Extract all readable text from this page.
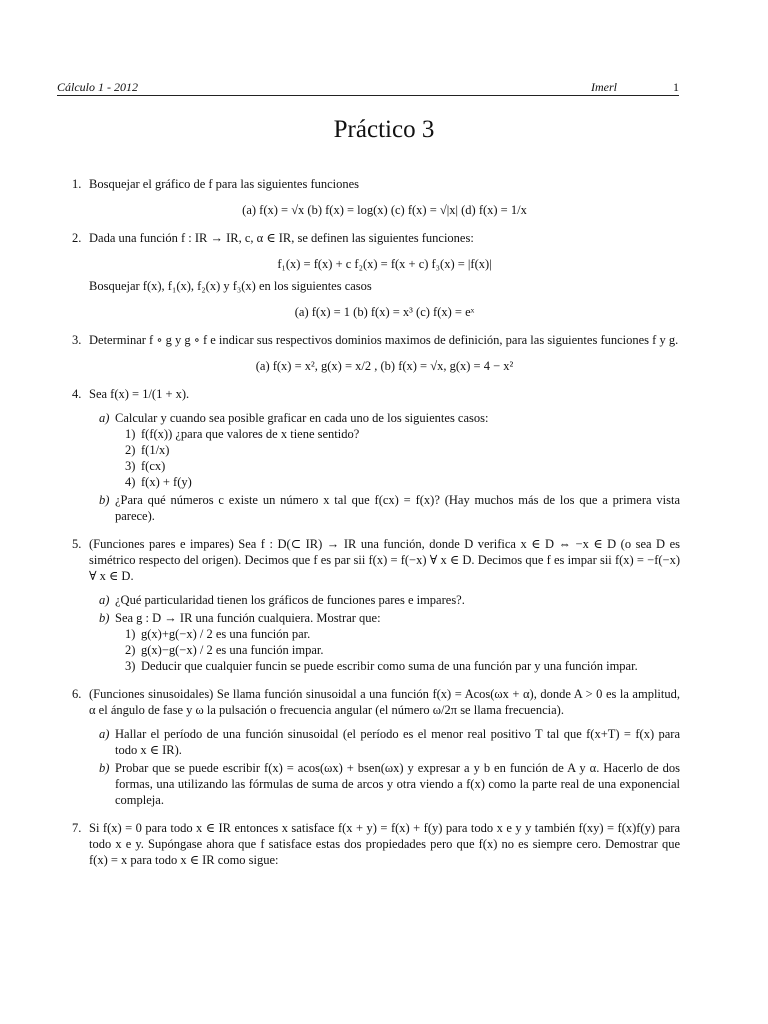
Cálculo 1 - 2012	Imerl	1
Práctico 3
1. Bosquejar el gráfico de f para las siguientes funciones

(a) f(x) = √x (b) f(x) = log(x) (c) f(x) = √|x| (d) f(x) = 1/x
2. Dada una función f : IR → IR, c, α ∈ IR, se definen las siguientes funciones:

f₁(x) = f(x) + c f₂(x) = f(x + c) f₃(x) = |f(x)|

Bosquejar f(x), f₁(x), f₂(x) y f₃(x) en los siguientes casos

(a) f(x) = 1 (b) f(x) = x³ (c) f(x) = eˣ
3. Determinar f ∘ g y g ∘ f e indicar sus respectivos dominios maximos de definición, para las siguientes funciones f y g.

(a) f(x) = x², g(x) = x/2 , (b) f(x) = √x, g(x) = 4 − x²
4. Sea f(x) = 1/(1 + x).

a) Calcular y cuando sea posible graficar en cada uno de los siguientes casos:

1) f(f(x)) ¿para que valores de x tiene sentido?
2) f(1/x)
3) f(cx)
4) f(x) + f(y)
b) ¿Para qué números c existe un número x tal que f(cx) = f(x)? (Hay muchos más de los que a primera vista parece).

5. (Funciones pares e impares) Sea f : D(⊂ IR) → IR una función, donde D verifica x ∈ D ⇔ −x ∈ D (o sea D es simétrico respecto del origen). Decimos que f es par sii f(x) = f(−x) ∀ x ∈ D. Decimos que f es impar sii f(x) = −f(−x) ∀ x ∈ D.

a) ¿Qué particularidad tienen los gráficos de funciones pares e impares?.

b) Sea g : D → IR una función cualquiera. Mostrar que:

1) g(x)+g(−x) / 2 es una función par.
2) g(x)−g(−x) / 2 es una función impar.
3) Deducir que cualquier funcin se puede escribir como suma de una función par y una función impar.
6. (Funciones sinusoidales) Se llama función sinusoidal a una función f(x) = Acos(ωx + α), donde A > 0 es la amplitud, α el ángulo de fase y ω la pulsación o frecuencia angular (el número ω/2π se llama frecuencia).

a) Hallar el período de una función sinusoidal (el período es el menor real positivo T tal que f(x+T) = f(x) para todo x ∈ IR).

b) Probar que se puede escribir f(x) = acos(ωx) + bsen(ωx) y expresar a y b en función de A y α. Hacerlo de dos formas, una utilizando las fórmulas de suma de arcos y otra viendo a f(x) como la parte real de una exponencial compleja.

7. Si f(x) = 0 para todo x ∈ IR entonces x satisface f(x + y) = f(x) + f(y) para todo x e y y también f(xy) = f(x)f(y) para todo x e y. Supóngase ahora que f satisface estas dos propiedades pero que f(x) no es siempre cero. Demostrar que f(x) = x para todo x ∈ IR como sigue:
